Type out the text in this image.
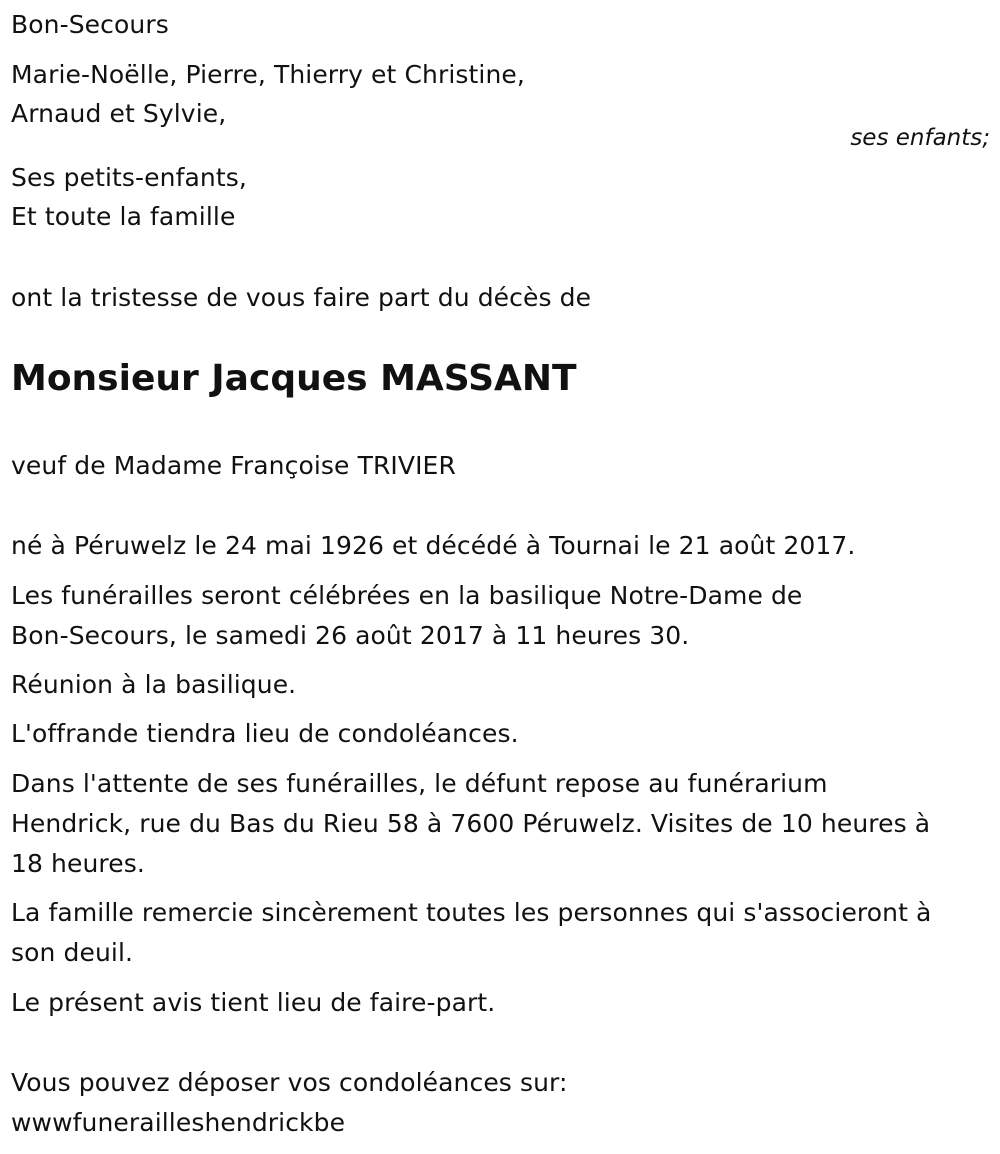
Bon-Secours
Marie-Noëlle, Pierre, Thierry et Christine,
Arnaud et Sylvie,
ses enfants;
Ses petits-enfants,
Et toute la famille
ont la tristesse de vous faire part du décès de
Monsieur Jacques MASSANT
veuf de Madame Françoise TRIVIER
né à Péruwelz le 24 mai 1926 et décédé à Tournai le 21 août 2017.
Les funérailles seront célébrées en la basilique Notre-Dame de
Bon-Secours, le samedi 26 août 2017 à 11 heures 30.
Réunion à la basilique.
L'offrande tiendra lieu de condoléances.
Dans l'attente de ses funérailles, le défunt repose au funérarium
Hendrick, rue du Bas du Rieu 58 à 7600 Péruwelz. Visites de 10 heures à
18 heures.
La famille remercie sincèrement toutes les personnes qui s'associeront à
son deuil.
Le présent avis tient lieu de faire-part.
Vous pouvez déposer vos condoléances sur:
wwwfunerailleshendrickbe
